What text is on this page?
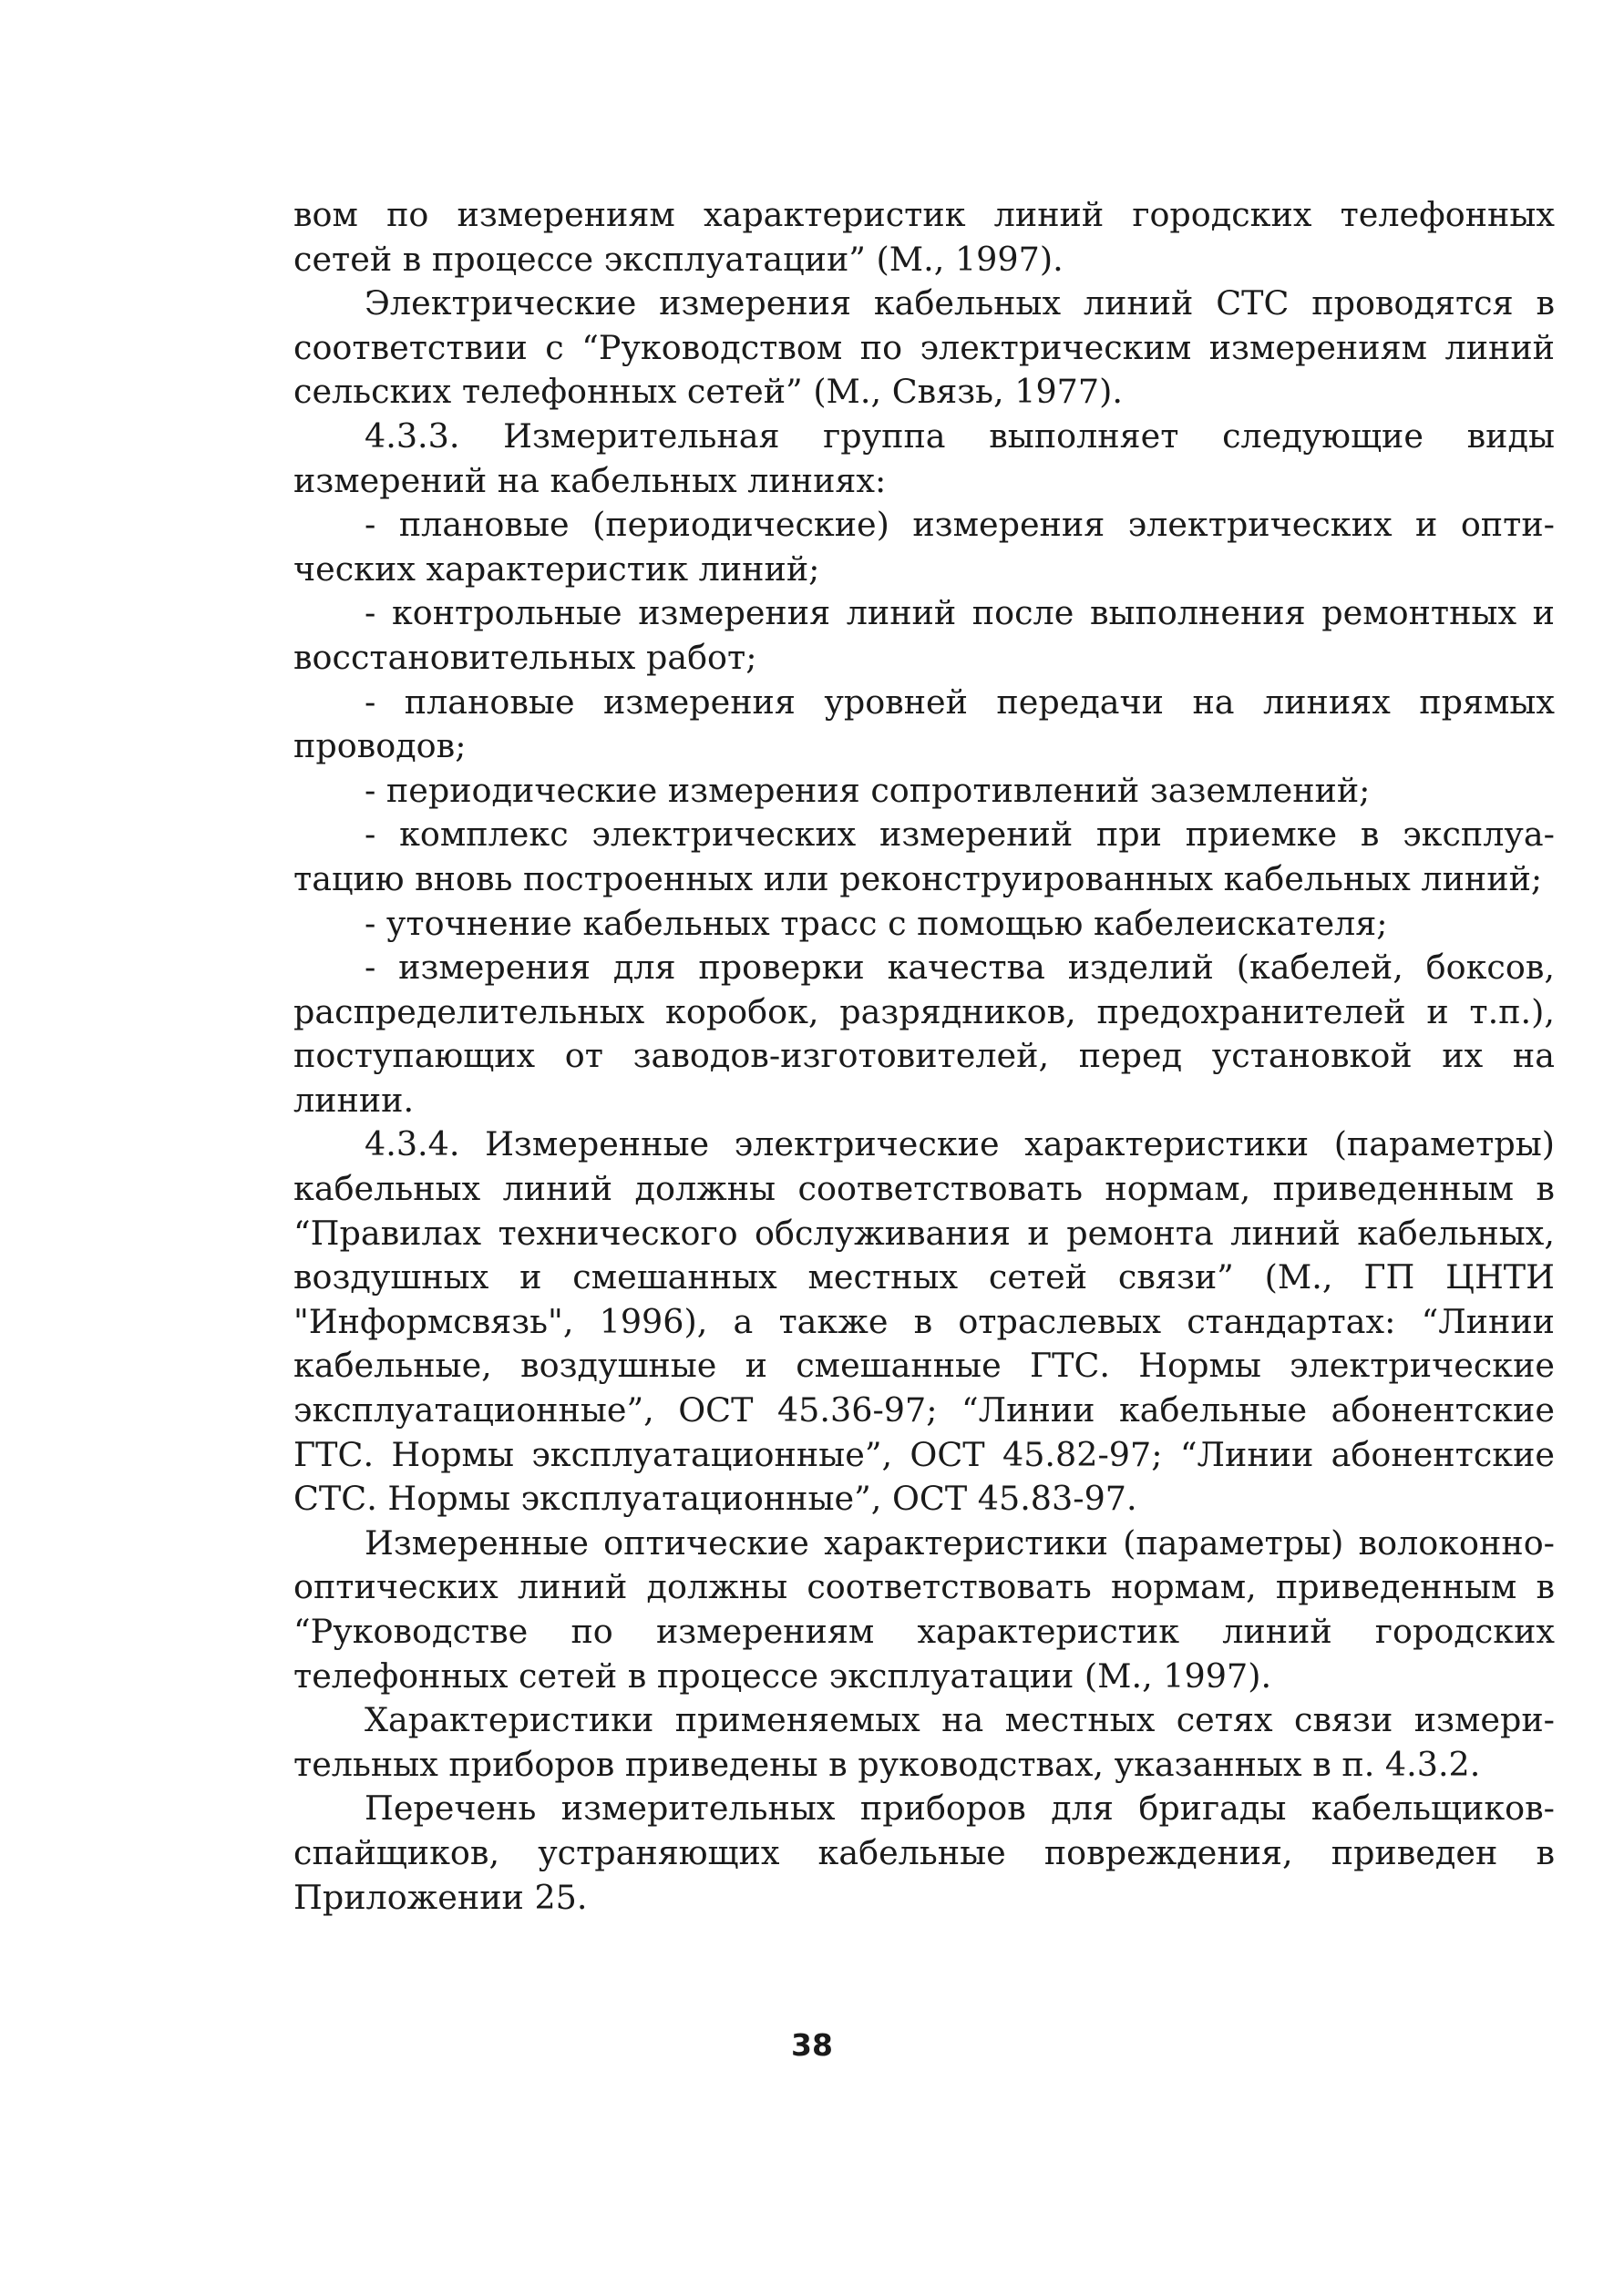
вом по измерениям характеристик линий городских телефонных сетей в процессе эксплуатации” (М., 1997).

Электрические измерения кабельных линий СТС проводятся в соответствии с “Руководством по электрическим измерениям линий сельских телефонных сетей” (М., Связь, 1977).

4.3.3. Измерительная группа выполняет следующие виды измерений на кабельных линиях:

- плановые (периодические) измерения электрических и оптических характеристик линий;

- контрольные измерения линий после выполнения ремонтных и восстановительных работ;

- плановые измерения уровней передачи на линиях прямых проводов;

- периодические измерения сопротивлений заземлений;

- комплекс электрических измерений при приемке в эксплуатацию вновь построенных или реконструированных кабельных линий;

- уточнение кабельных трасс с помощью кабелеискателя;

- измерения для проверки качества изделий (кабелей, боксов, распределительных коробок, разрядников, предохранителей и т.п.), поступающих от заводов-изготовителей, перед установкой их на линии.

4.3.4. Измеренные электрические характеристики (параметры) кабельных линий должны соответствовать нормам, приведенным в “Правилах технического обслуживания и ремонта линий кабельных, воздушных и смешанных местных сетей связи” (М., ГП ЦНТИ "Информсвязь", 1996), а также в отраслевых стандартах: “Линии кабельные, воздушные и смешанные ГТС. Нормы электрические эксплуатационные”, ОСТ 45.36-97; “Линии кабельные абонентские ГТС. Нормы эксплуатационные”, ОСТ 45.82-97; “Линии абонентские СТС. Нормы эксплуатационные”, ОСТ 45.83-97.

Измеренные оптические характеристики (параметры) волоконно-оптических линий должны соответствовать нормам, приведенным в “Руководстве по измерениям характеристик линий городских телефонных сетей в процессе эксплуатации (М., 1997).

Характеристики применяемых на местных сетях связи измерительных приборов приведены в руководствах, указанных в п. 4.3.2.

Перечень измерительных приборов для бригады кабельщиков-спайщиков, устраняющих кабельные повреждения, приведен в Приложении 25.

38
